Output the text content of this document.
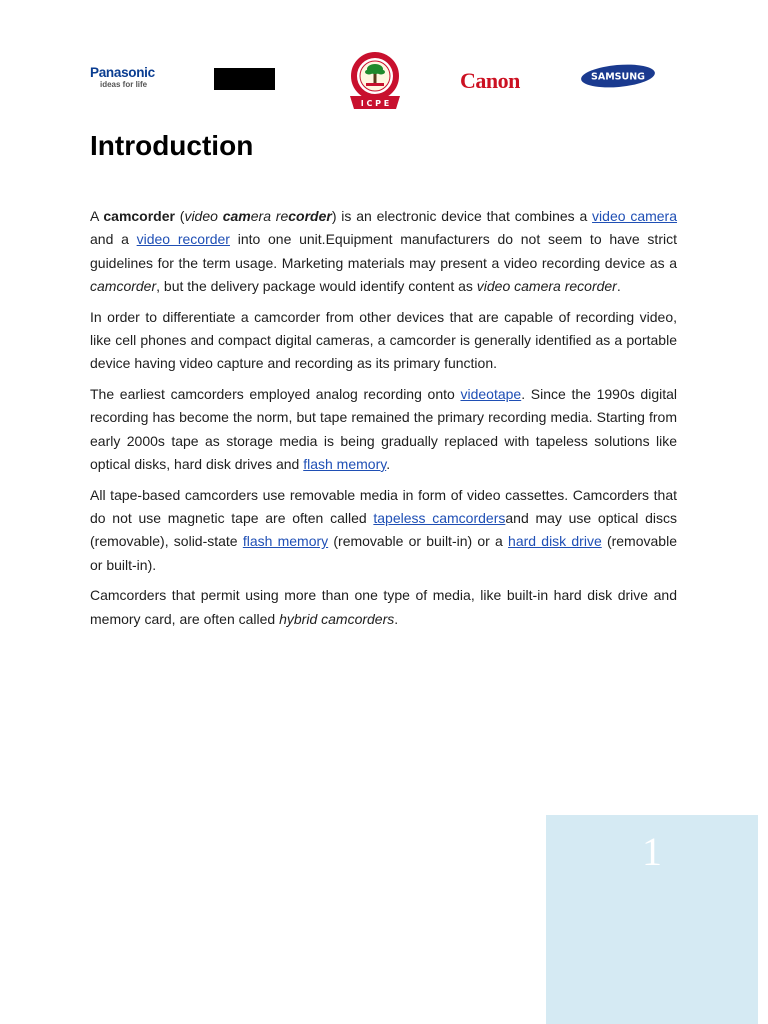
Panasonic
ideas for life
I C P E
Canon	SAMSUNG
Introduction

A camcorder (video camera recorder) is an electronic device that combines a video camera and a video recorder into one unit.Equipment manufacturers do not seem to have strict guidelines for the term usage. Marketing materials may present a video recording device as a camcorder, but the delivery package would identify content as video camera recorder.

In order to differentiate a camcorder from other devices that are capable of recording video, like cell phones and compact digital cameras, a camcorder is generally identified as a portable device having video capture and recording as its primary function.

The earliest camcorders employed analog recording onto videotape. Since the 1990s digital recording has become the norm, but tape remained the primary recording media. Starting from early 2000s tape as storage media is being gradually replaced with tapeless solutions like optical disks, hard disk drives and flash memory.

All tape-based camcorders use removable media in form of video cassettes. Camcorders that do not use magnetic tape are often called tapeless camcordersand may use optical discs (removable), solid-state flash memory (removable or built-in) or a hard disk drive (removable or built-in).

Camcorders that permit using more than one type of media, like built-in hard disk drive and memory card, are often called hybrid camcorders.

1
